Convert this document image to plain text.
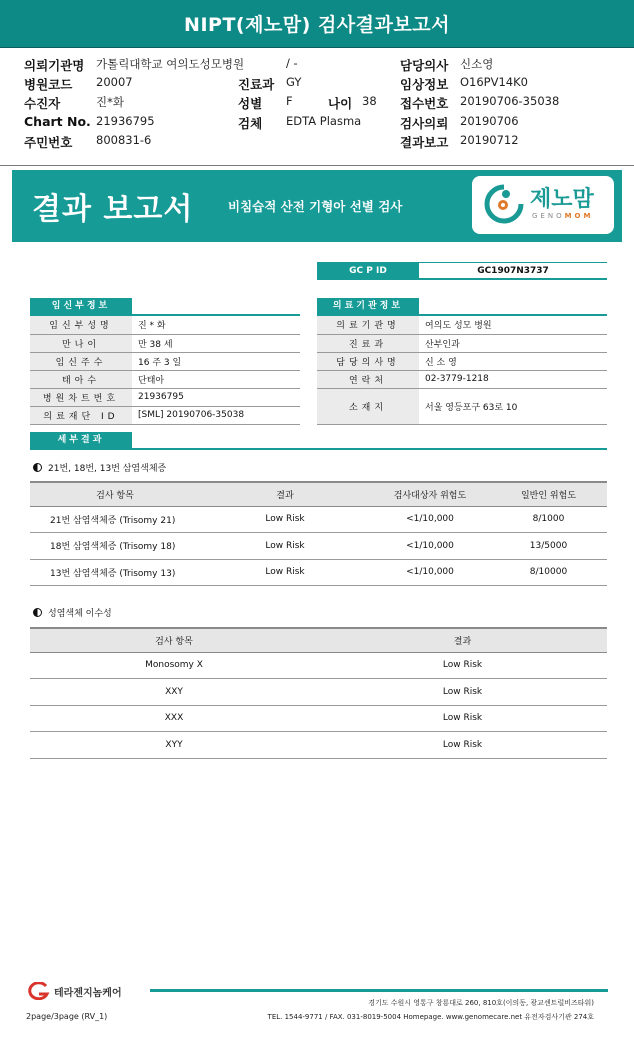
NIPT(제노맘) 검사결과보고서
의뢰기관명 가톨릭대학교 여의도성모병원	/ -	담당의사 신소영
병원코드 20007	진료과 GY	임상정보 O16PV14K0
수진자	진*화	성별 F	나이 38 접수번호 20190706-35038
Chart No. 21936795	검체 EDTA Plasma	검사의뢰 20190706
주민번호 800831-6	결과보고 20190712
결과 보고서	비침습적 산전 기형아 선별 검사	제노맘
GENOMOM
GC P ID	GC1907N3737
임신부정보
임신부성명	진 * 화
만나이	만 38 세
임신주수	16 주 3 일
태아수	단태아
병원차트번호	21936795
의료재단 ID	[SML] 20190706-35038
의료기관정보
의료기관명	여의도 성모 병원
진료과	산부인과
담당의사명	신 소 영
연락처	02-3779-1218
소재지	서울 영등포구 63로 10
세부결과
21번, 18번, 13번 삼염색체증
검사 항목	결과	검사대상자 위험도	일반인 위험도
21번 삼염색체증 (Trisomy 21)	Low Risk	<1/10,000	8/1000
18번 삼염색체증 (Trisomy 18)	Low Risk	<1/10,000	13/5000
13번 삼염색체증 (Trisomy 13)	Low Risk	<1/10,000	8/10000
성염색체 이수성
검사 항목	결과
Monosomy X	Low Risk
XXY	Low Risk
XXX	Low Risk
XYY	Low Risk
테라젠지놈케어
경기도 수원시 영통구 창룡대로 260, 810호(이의동, 광교센트럴비즈타워)
TEL. 1544-9771 / FAX. 031-8019-5004 Homepage. www.genomecare.net 유전자검사기관 274호
2page/3page (RV_1)
